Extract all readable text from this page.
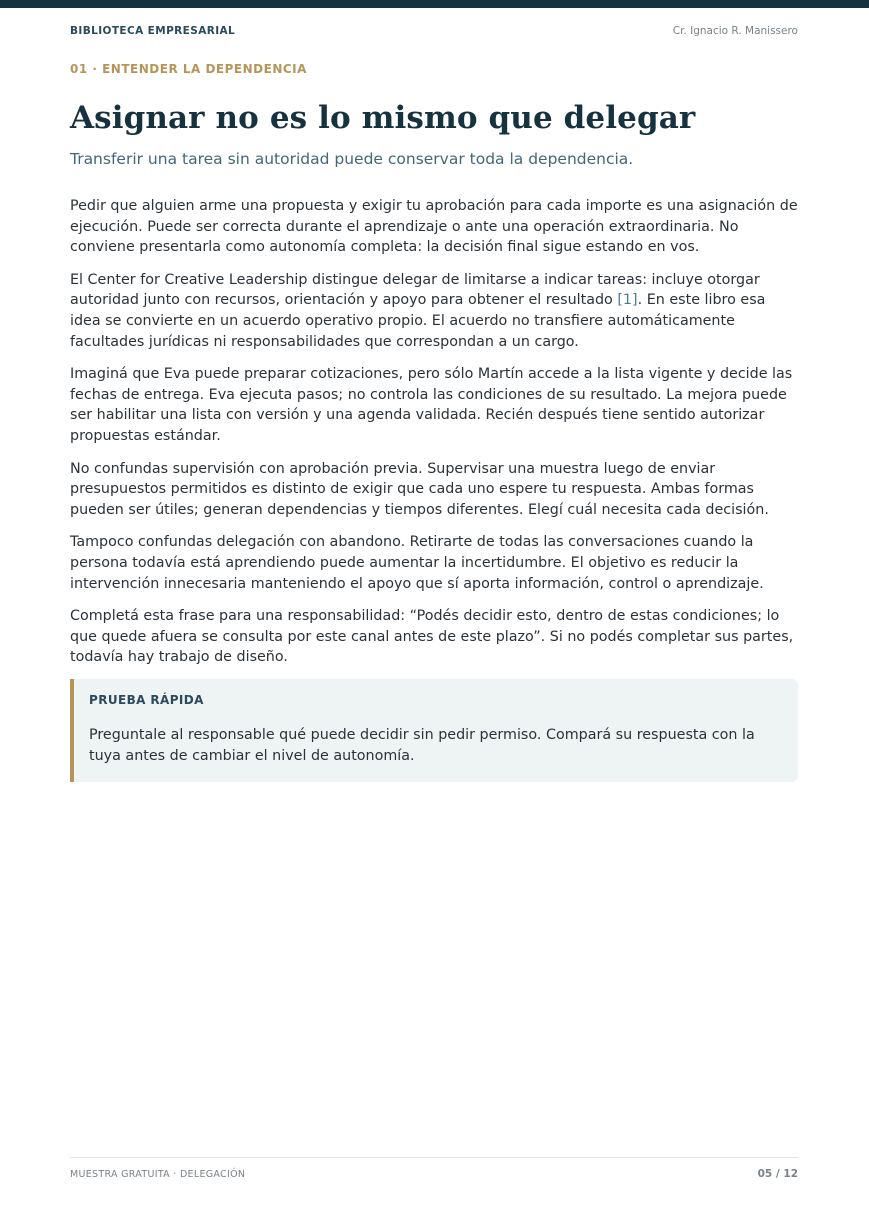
BIBLIOTECA EMPRESARIAL	Cr. Ignacio R. Manissero
01 · ENTENDER LA DEPENDENCIA
Asignar no es lo mismo que delegar

Transferir una tarea sin autoridad puede conservar toda la dependencia.

Pedir que alguien arme una propuesta y exigir tu aprobación para cada importe es una asignación de ejecución. Puede ser correcta durante el aprendizaje o ante una operación extraordinaria. No conviene presentarla como autonomía completa: la decisión final sigue estando en vos.

El Center for Creative Leadership distingue delegar de limitarse a indicar tareas: incluye otorgar autoridad junto con recursos, orientación y apoyo para obtener el resultado [1]. En este libro esa idea se convierte en un acuerdo operativo propio. El acuerdo no transfiere automáticamente facultades jurídicas ni responsabilidades que correspondan a un cargo.

Imaginá que Eva puede preparar cotizaciones, pero sólo Martín accede a la lista vigente y decide las fechas de entrega. Eva ejecuta pasos; no controla las condiciones de su resultado. La mejora puede ser habilitar una lista con versión y una agenda validada. Recién después tiene sentido autorizar propuestas estándar.

No confundas supervisión con aprobación previa. Supervisar una muestra luego de enviar presupuestos permitidos es distinto de exigir que cada uno espere tu respuesta. Ambas formas pueden ser útiles; generan dependencias y tiempos diferentes. Elegí cuál necesita cada decisión.

Tampoco confundas delegación con abandono. Retirarte de todas las conversaciones cuando la persona todavía está aprendiendo puede aumentar la incertidumbre. El objetivo es reducir la intervención innecesaria manteniendo el apoyo que sí aporta información, control o aprendizaje.

Completá esta frase para una responsabilidad: “Podés decidir esto, dentro de estas condiciones; lo que quede afuera se consulta por este canal antes de este plazo”. Si no podés completar sus partes, todavía hay trabajo de diseño.

PRUEBA RÁPIDA

Preguntale al responsable qué puede decidir sin pedir permiso. Compará su respuesta con la tuya antes de cambiar el nivel de autonomía.

MUESTRA GRATUITA · DELEGACIÓN	05 / 12
